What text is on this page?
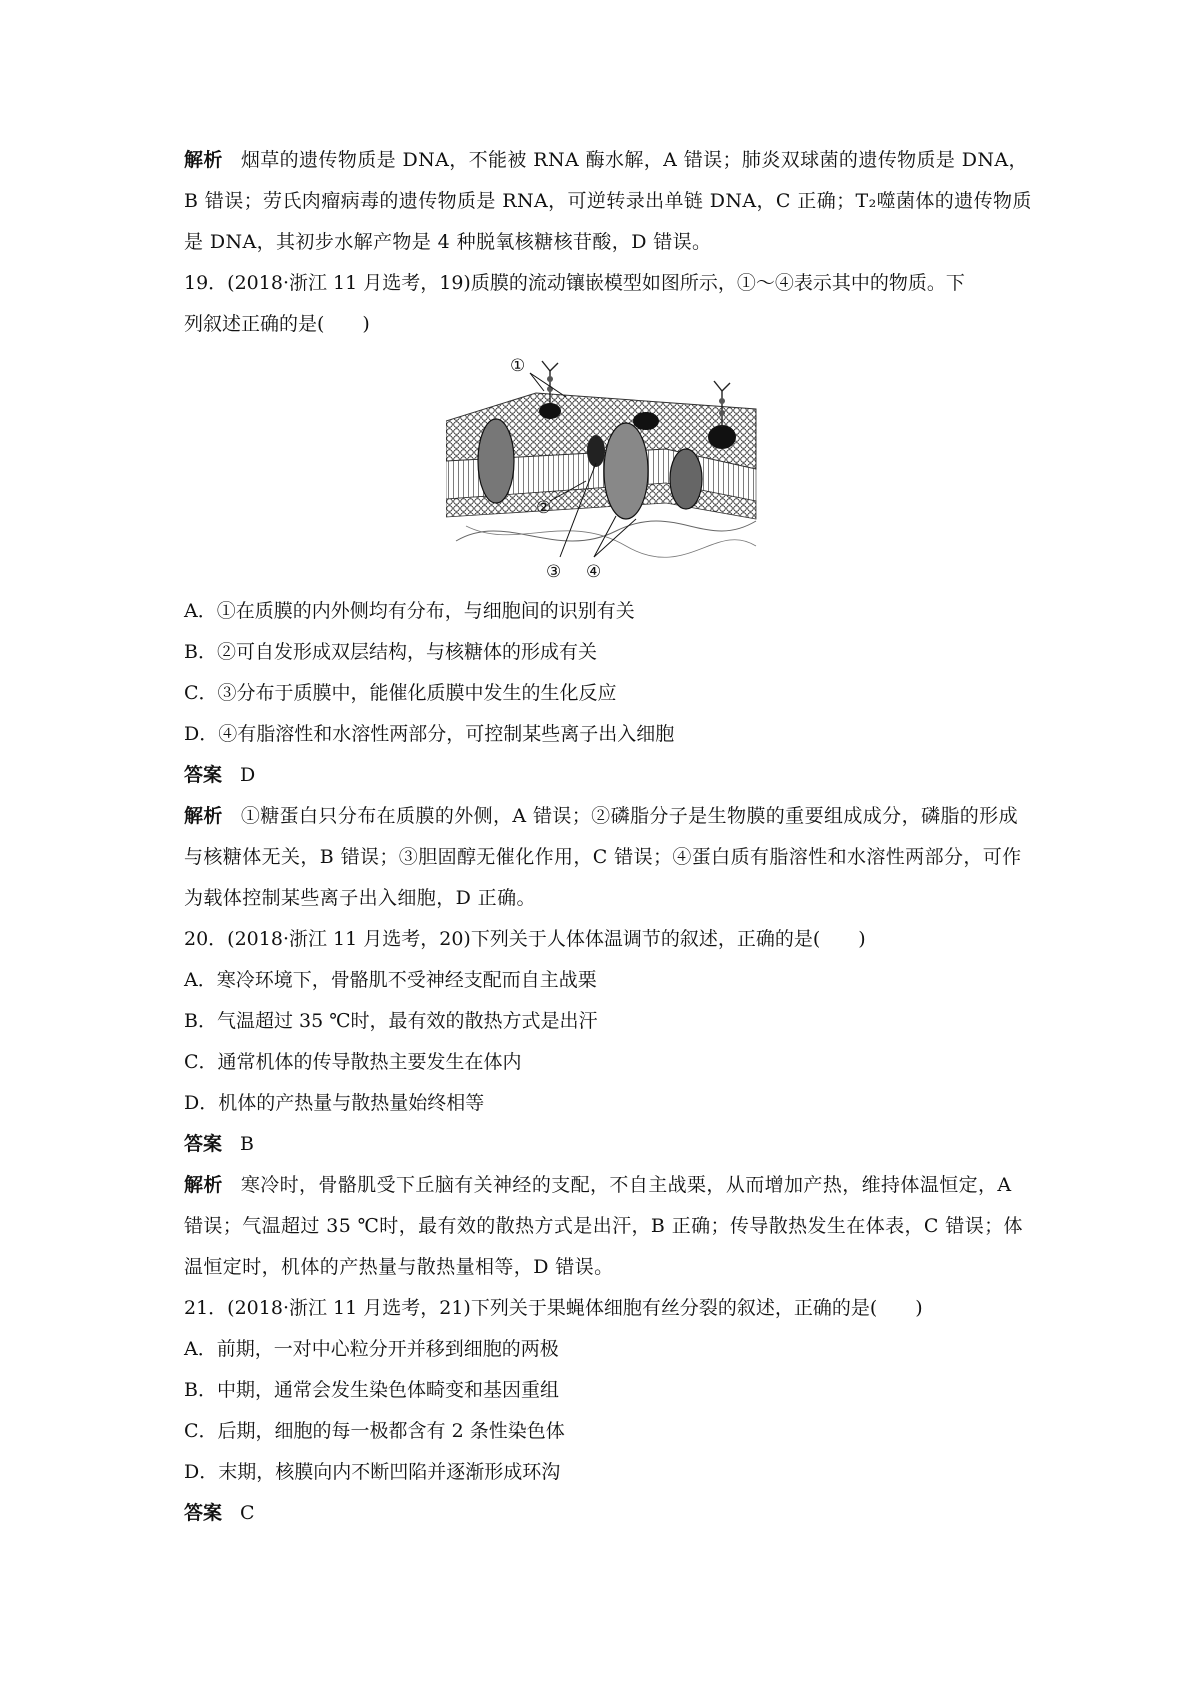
解析 烟草的遗传物质是 DNA，不能被 RNA 酶水解，A 错误；肺炎双球菌的遗传物质是 DNA，B 错误；劳氏肉瘤病毒的遗传物质是 RNA，可逆转录出单链 DNA，C 正确；T₂噬菌体的遗传物质是 DNA，其初步水解产物是 4 种脱氧核糖核苷酸，D 错误。
19．(2018·浙江 11 月选考，19)质膜的流动镶嵌模型如图所示，①～④表示其中的物质。下
列叙述正确的是(　　)
①
②
③ ④
A．①在质膜的内外侧均有分布，与细胞间的识别有关
B．②可自发形成双层结构，与核糖体的形成有关
C．③分布于质膜中，能催化质膜中发生的生化反应
D．④有脂溶性和水溶性两部分，可控制某些离子出入细胞
答案 D
解析 ①糖蛋白只分布在质膜的外侧，A 错误；②磷脂分子是生物膜的重要组成成分，磷脂的形成与核糖体无关，B 错误；③胆固醇无催化作用，C 错误；④蛋白质有脂溶性和水溶性两部分，可作为载体控制某些离子出入细胞，D 正确。
20．(2018·浙江 11 月选考，20)下列关于人体体温调节的叙述，正确的是(　　)
A．寒冷环境下，骨骼肌不受神经支配而自主战栗
B．气温超过 35 ℃时，最有效的散热方式是出汗
C．通常机体的传导散热主要发生在体内
D．机体的产热量与散热量始终相等
答案 B
解析 寒冷时，骨骼肌受下丘脑有关神经的支配，不自主战栗，从而增加产热，维持体温恒定，A 错误；气温超过 35 ℃时，最有效的散热方式是出汗，B 正确；传导散热发生在体表，C 错误；体温恒定时，机体的产热量与散热量相等，D 错误。
21．(2018·浙江 11 月选考，21)下列关于果蝇体细胞有丝分裂的叙述，正确的是(　　)
A．前期，一对中心粒分开并移到细胞的两极
B．中期，通常会发生染色体畸变和基因重组
C．后期，细胞的每一极都含有 2 条性染色体
D．末期，核膜向内不断凹陷并逐渐形成环沟
答案 C
